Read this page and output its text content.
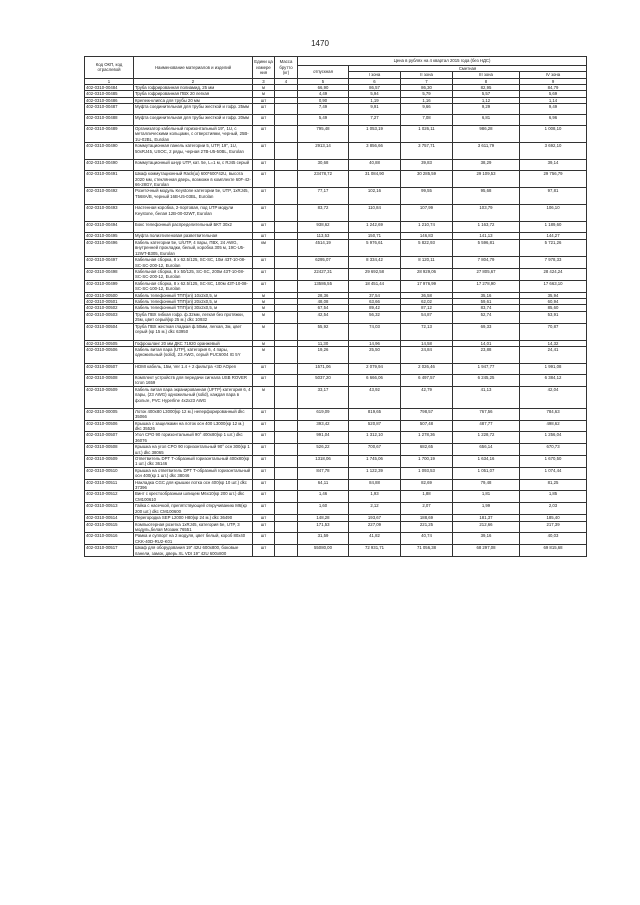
1470
Код ОКП, код отраслевой	Наименование материалов и изделий	Едини ца измере ния	Масса брутто (кг)	Цена в рублях на 4 квартал 2015 года (без НДС)				
				отпускная	Сметная			
					I зона	II зона	III зона	IV зона
1	2	3	4	5	6	7	8	9
402-0310-00484	Труба гофрированная полиамид, 25 мм	м		66,90	86,57	86,30	82,95	84,79
402-0310-00485	Труба гофрированная ПВХ 20 легкая	м		4,49	5,94	5,79	5,57	5,69
402-0310-00486	Крепеж-клипса для трубы 20 мм	шт		0,90	1,19	1,16	1,12	1,14
402-0310-00487	Муфта соединительная для трубы жесткой и гофр. 25мм	шт		7,49	9,91	9,66	9,29	9,49
402-0310-00488	Муфта соединительная для трубы жесткой и гофр. 20мм	шт		5,49	7,27	7,08	6,81	6,96
402-0310-00489	Организатор кабельный горизонтальный 19", 1U, с металлическими кольцами, с отверстиями, черный, 25B-1U-02BL, Eurolan	шт		795,48	1 053,19	1 026,11	986,28	1 008,10
402-0310-00490	Коммутационная панель категории 5, UTP, 19", 1U, 50xRJ45, USOC, 2 ряды, черная 27B-U5-50BL, Eurolan	шт		2913,14	3 856,66	3 757,71	3 611,79	3 692,10
402-0310-00490	Коммутационный шнур UTP, кат. 5е, L=1 м, с RJ45 серый	шт		30,68	40,88	39,83	38,29	39,14
402-0310-00491	Шкаф коммутационный Rack(ш) 600*600*42U, высота 2020 мм, стеклянная дверь, возможн в комплекте 60F-42-66-28GY, Eurolan	шт		23478,72	31 084,90	30 285,59	29 109,53	29 756,79
402-0310-00492	Розеточный модуль Keystone категории 5е, UTP, 1xRJ45, T568A/B, черный 16B-U5-03BL, Eurolan	шт		77,17	102,16	99,55	95,68	97,81
402-0310-00493	Настенная коробка, 2-портовая, под UTP модули Keystone, белая 12B-00-02WT, Eurolan	шт		83,72	110,84	107,99	103,79	106,10
402-0310-00494	Бокс телефонный распределительный БКТ 30х2	шт		938,62	1 242,69	1 210,74	1 163,72	1 189,60
402-0310-00495	Муфта полиэтиленовая разветвительная	шт		113,53	150,71	146,83	141,13	144,27
402-0310-00496	Кабель категории 5е, U/UTP, 4 пары, ПВХ, 24 AWG, внутренней прокладки, белый, коробка 305 м, 19C-U5-12WT-B305, Eurolan	км		4514,19	5 976,61	5 822,93	5 596,81	5 721,26
402-0310-00497	Кабельная сборка, 8 x 62.5/125, SC-SC, 10м 43T-10-08-SC-SC-200-12, Eurolan	шт		6295,07	8 334,42	8 120,11	7 804,79	7 978,33
402-0310-00498	Кабельная сборка, 8 x 50/125, SC-SC, 200м 43T-10-08-SC-SC-200-12, Eurolan	шт		22427,31	29 692,58	28 929,06	27 805,67	28 424,24
402-0310-00499	Кабельная сборка, 8 x 62.5/125, SC-SC, 100м 43T-10-08-SC-SC-100-12, Eurolan	шт		13586,55	18 451,44	17 976,99	17 278,90	17 663,10
402-0310-00500	Кабель телефонный ТПП(эп) 10х2х0,5, м	м		28,36	37,54	36,58	35,16	35,94
402-0310-00501	Кабель телефонный ТПП(эп) 20х2х0,5, м	м		48,08	63,66	62,02	59,61	60,94
402-0310-00502	Кабель телефонный ТПП(эп) 30х2х0,5, м	м		67,54	89,42	87,12	83,74	85,60
402-0310-00503	Труба ПВХ гибкая гофр. ф.32мм, легкая без протяжки, 25м, цвет серый(кр 25 м.) dkc 10932	м		42,54	56,32	54,87	52,74	53,91
402-0310-00504	Труба ПВХ жесткая гладкая ф.50мм, легкая, 3м, цвет серый (кр 15 м.) dkc 63950	м		55,92	74,03	72,13	69,33	70,87
402-0310-00505	Гофрошланг 20 мм ДКС 71920 оранжевый	м		11,30	14,96	14,58	14,01	14,32
402-0310-00506	Кабель витая пара (UTP), категория 6, 4 пары, одножильный (solid), 23 AWG, серый PUC6004 IG 5Y	м		19,26	25,50	24,84	23,88	24,41
402-0310-00507	HDMI кабель, 15м, Ver 1.4 + 2 фильтра +3D AOpen	шт		1571,06	2 079,94	2 026,46	1 947,77	1 991,08
402-0310-00508	Комплект устройств для передачи сигнала USB ROVER Icron 1659	шт		5037,20	6 666,06	6 497,57	6 245,25	6 384,12
402-0310-00509	Кабель витая пара экранированная (UFTP) категория 6, 4 пары, (23 AWG) одножильный (solid), каждая пара в фольге, PVC Hyperline 4x2x23 AWG	м		33,17	43,92	42,79	41,13	42,04
402-0310-00005	Лоток 400х80 L3000(кр 12 м.) неперфорированный dkc 35066	шт		619,09	819,65	798,57	767,56	784,63
402-0310-00506	Крышка с защелками на лоток осн 400 L3000(кр 12 м.) dkc 35526	шт		393,42	520,87	507,48	487,77	498,62
402-0310-00507	Угол CPO 90 горизонтальный 90° 400х80(кр 1 шт.) dkc 36076	шт		991,04	1 312,10	1 278,36	1 228,72	1 256,04
402-0310-00508	Крышка на угол CPO 90 горизонтальный 90° осн 300(кр 1 шт.) dkc 38065	шт		526,22	700,67	682,65	656,14	670,73
402-0310-00509	Ответвитель DPT Т-образный горизонтальный 400х80(кр 1 шт.) dkc 36146	шт		1318,06	1 745,06	1 700,19	1 634,16	1 670,50
402-0310-00510	Крышка на ответвитель DPT Т-образный горизонтальный осн 400(кр 1 шт.) dkc 38046	шт		847,78	1 122,39	1 093,53	1 051,07	1 074,44
402-0310-00511	Накладка CGC для крышки лотка осн 400(кр 10 шт.) dkc 37396	шт		64,11	84,88	82,69	79,48	81,25
402-0310-00512	Винт с крестообразным шлицем М6х10(кр 200 шт.) dkc CM100610	шт		1,46	1,93	1,88	1,81	1,85
402-0310-00513	Гайка с насечкой, препятствующей откручиванию М6(кр 200 шт.) dkc CM100600	шт		1,60	2,12	2,07	1,99	2,03
402-0310-00514	Перегородка SEP L2000 H80(кр 24 м.) dkc 36490	шт		148,28	193,67	188,69	181,37	185,40
402-0310-00515	Компьютерная розетка 1xRJ45, категория 5е, UTP, 3 модуль,белая Мозаик 76551	шт		171,53	227,09	221,25	212,66	217,39
402-0310-00516	Рамка и суппорт на 2 модуля, цвет белый, короб 80х40 CKK-40D-RU2-K01	шт		31,59	41,82	40,74	39,16	40,03
402-0310-00517	Шкаф для оборудования 19" 42U 600х800, боковые панели, замок, дверь XL VDI 19" 42U 600х800	шт		55080,00	72 931,71	71 056,38	68 297,08	69 815,68
